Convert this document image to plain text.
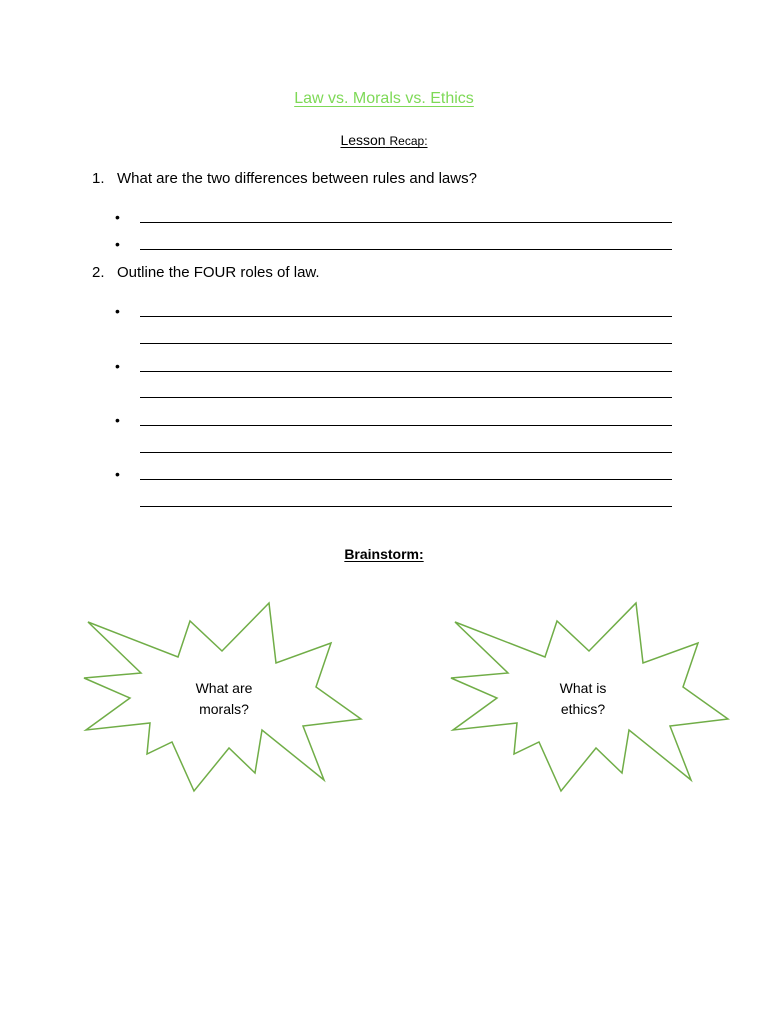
Law vs. Morals vs. Ethics
Lesson Recap:
1. What are the two differences between rules and laws?
•
•
2. Outline the FOUR roles of law.
•
•
•
•
Brainstorm:
What are
morals?
What is
ethics?
